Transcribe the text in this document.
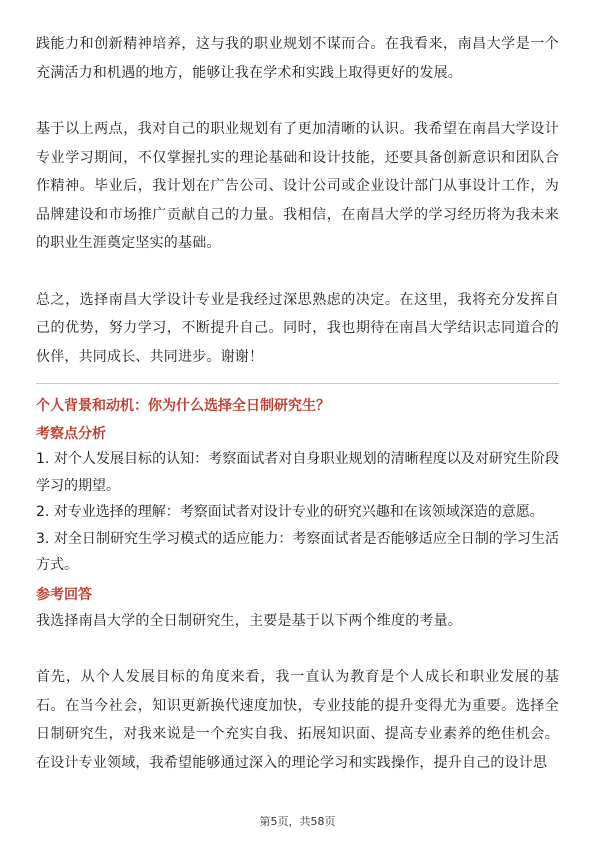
践能力和创新精神培养，这与我的职业规划不谋而合。在我看来，南昌大学是一个充满活力和机遇的地方，能够让我在学术和实践上取得更好的发展。

基于以上两点，我对自己的职业规划有了更加清晰的认识。我希望在南昌大学设计专业学习期间，不仅掌握扎实的理论基础和设计技能，还要具备创新意识和团队合作精神。毕业后，我计划在广告公司、设计公司或企业设计部门从事设计工作，为品牌建设和市场推广贡献自己的力量。我相信，在南昌大学的学习经历将为我未来的职业生涯奠定坚实的基础。

总之，选择南昌大学设计专业是我经过深思熟虑的决定。在这里，我将充分发挥自己的优势，努力学习，不断提升自己。同时，我也期待在南昌大学结识志同道合的伙伴，共同成长、共同进步。谢谢！

个人背景和动机：你为什么选择全日制研究生？

考察点分析

1. 对个人发展目标的认知：考察面试者对自身职业规划的清晰程度以及对研究生阶段学习的期望。

2. 对专业选择的理解：考察面试者对设计专业的研究兴趣和在该领域深造的意愿。

3. 对全日制研究生学习模式的适应能力：考察面试者是否能够适应全日制的学习生活方式。

参考回答

我选择南昌大学的全日制研究生，主要是基于以下两个维度的考量。

首先，从个人发展目标的角度来看，我一直认为教育是个人成长和职业发展的基石。在当今社会，知识更新换代速度加快，专业技能的提升变得尤为重要。选择全日制研究生，对我来说是一个充实自我、拓展知识面、提高专业素养的绝佳机会。在设计专业领域，我希望能够通过深入的理论学习和实践操作，提升自己的设计思

第5页，共58页
